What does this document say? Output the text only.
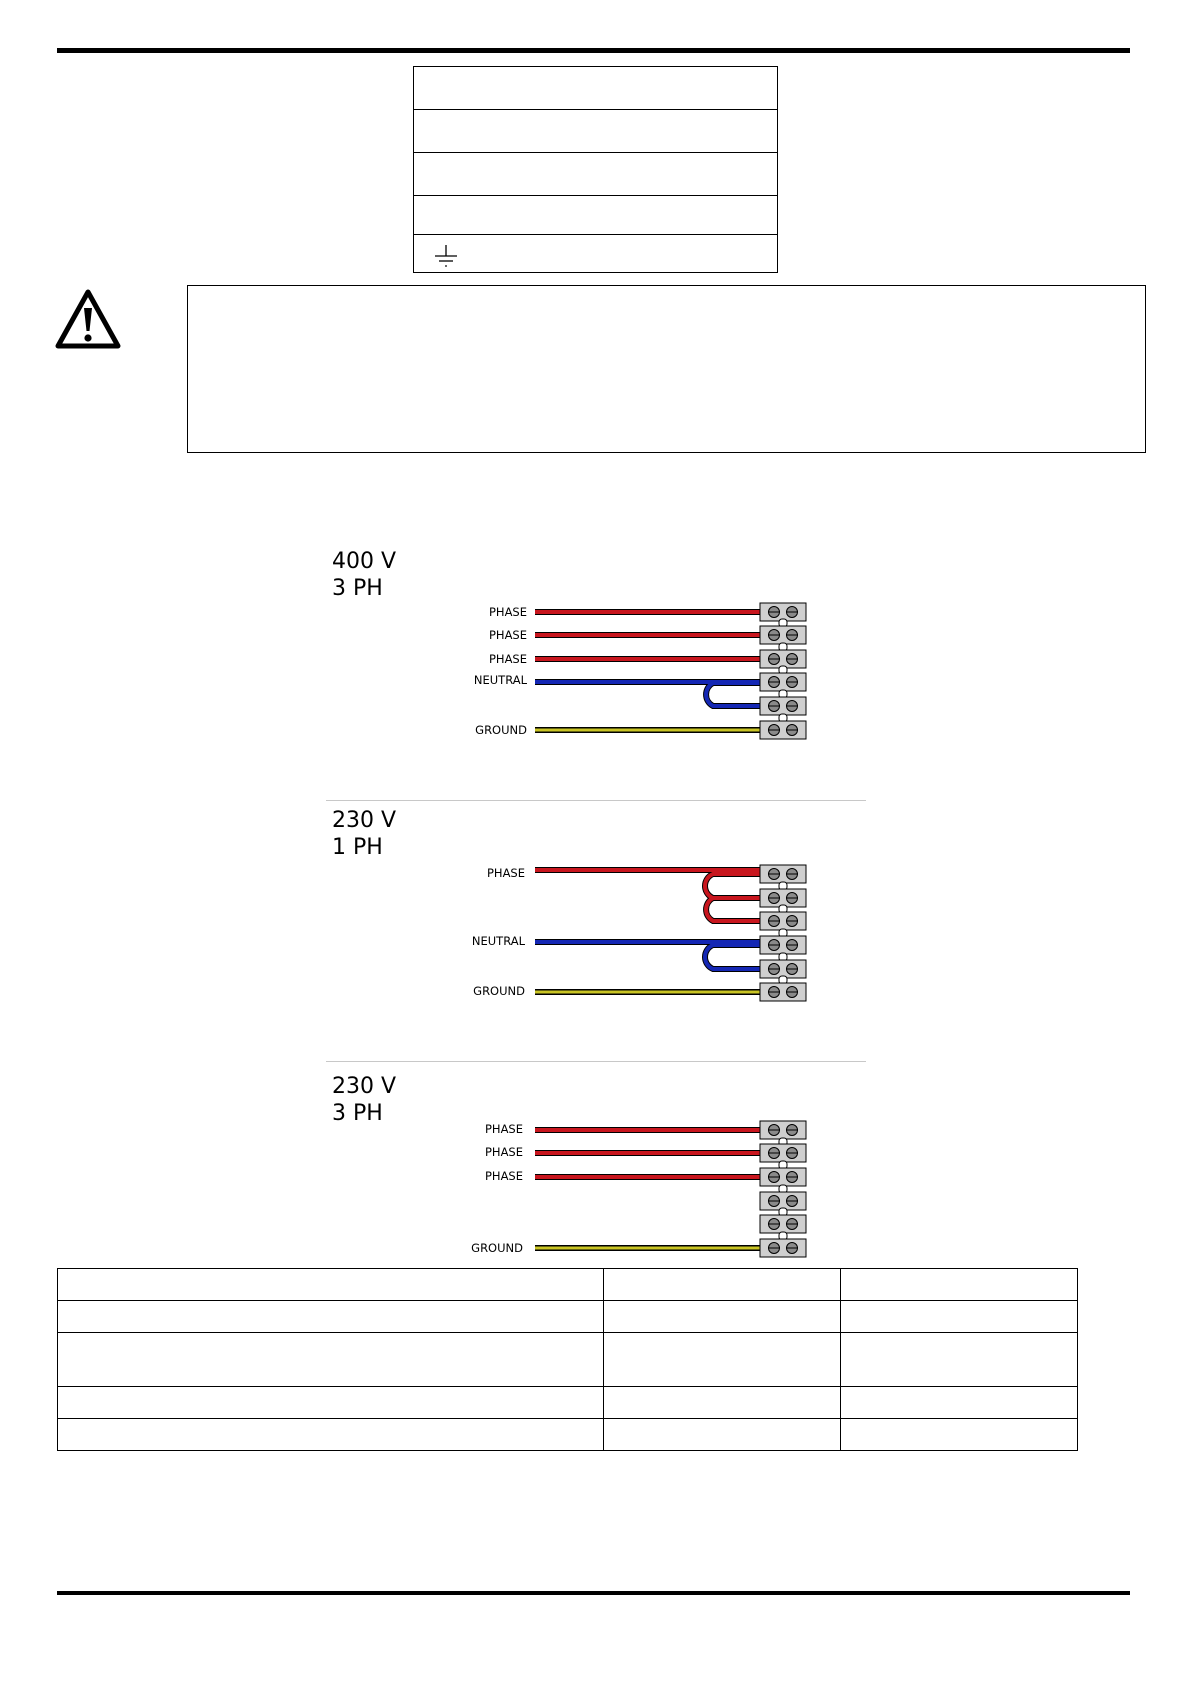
400 V
3 PH
230 V
1 PH
230 V
3 PH
PHASE
PHASE
PHASE
NEUTRAL
GROUND
PHASE
NEUTRAL
GROUND
PHASE
PHASE
PHASE
GROUND
